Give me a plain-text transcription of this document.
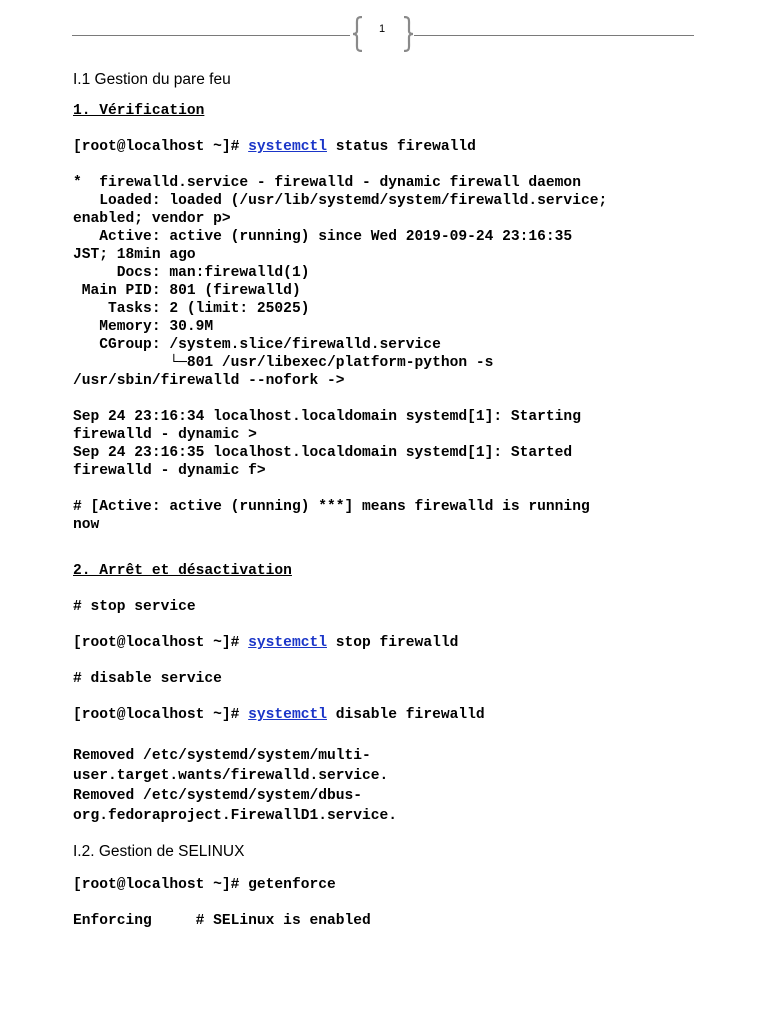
1

I.1 Gestion du pare feu

1. Vérification

[root@localhost ~]# systemctl status firewalld

*  firewalld.service - firewalld - dynamic firewall daemon

Loaded: loaded (/usr/lib/systemd/system/firewalld.service;

enabled; vendor p>

Active: active (running) since Wed 2019-09-24 23:16:35

JST; 18min ago

Docs: man:firewalld(1)

Main PID: 801 (firewalld)

Tasks: 2 (limit: 25025)

Memory: 30.9M

CGroup: /system.slice/firewalld.service

└─801 /usr/libexec/platform-python -s

/usr/sbin/firewalld --nofork ->

Sep 24 23:16:34 localhost.localdomain systemd[1]: Starting

firewalld - dynamic >

Sep 24 23:16:35 localhost.localdomain systemd[1]: Started

firewalld - dynamic f>

# [Active: active (running) ***] means firewalld is running

now

2. Arrêt et désactivation

# stop service

[root@localhost ~]# systemctl stop firewalld

# disable service

[root@localhost ~]# systemctl disable firewalld

Removed /etc/systemd/system/multi-

user.target.wants/firewalld.service.

Removed /etc/systemd/system/dbus-

org.fedoraproject.FirewallD1.service.

I.2. Gestion de SELINUX

[root@localhost ~]# getenforce

Enforcing     # SELinux is enabled
